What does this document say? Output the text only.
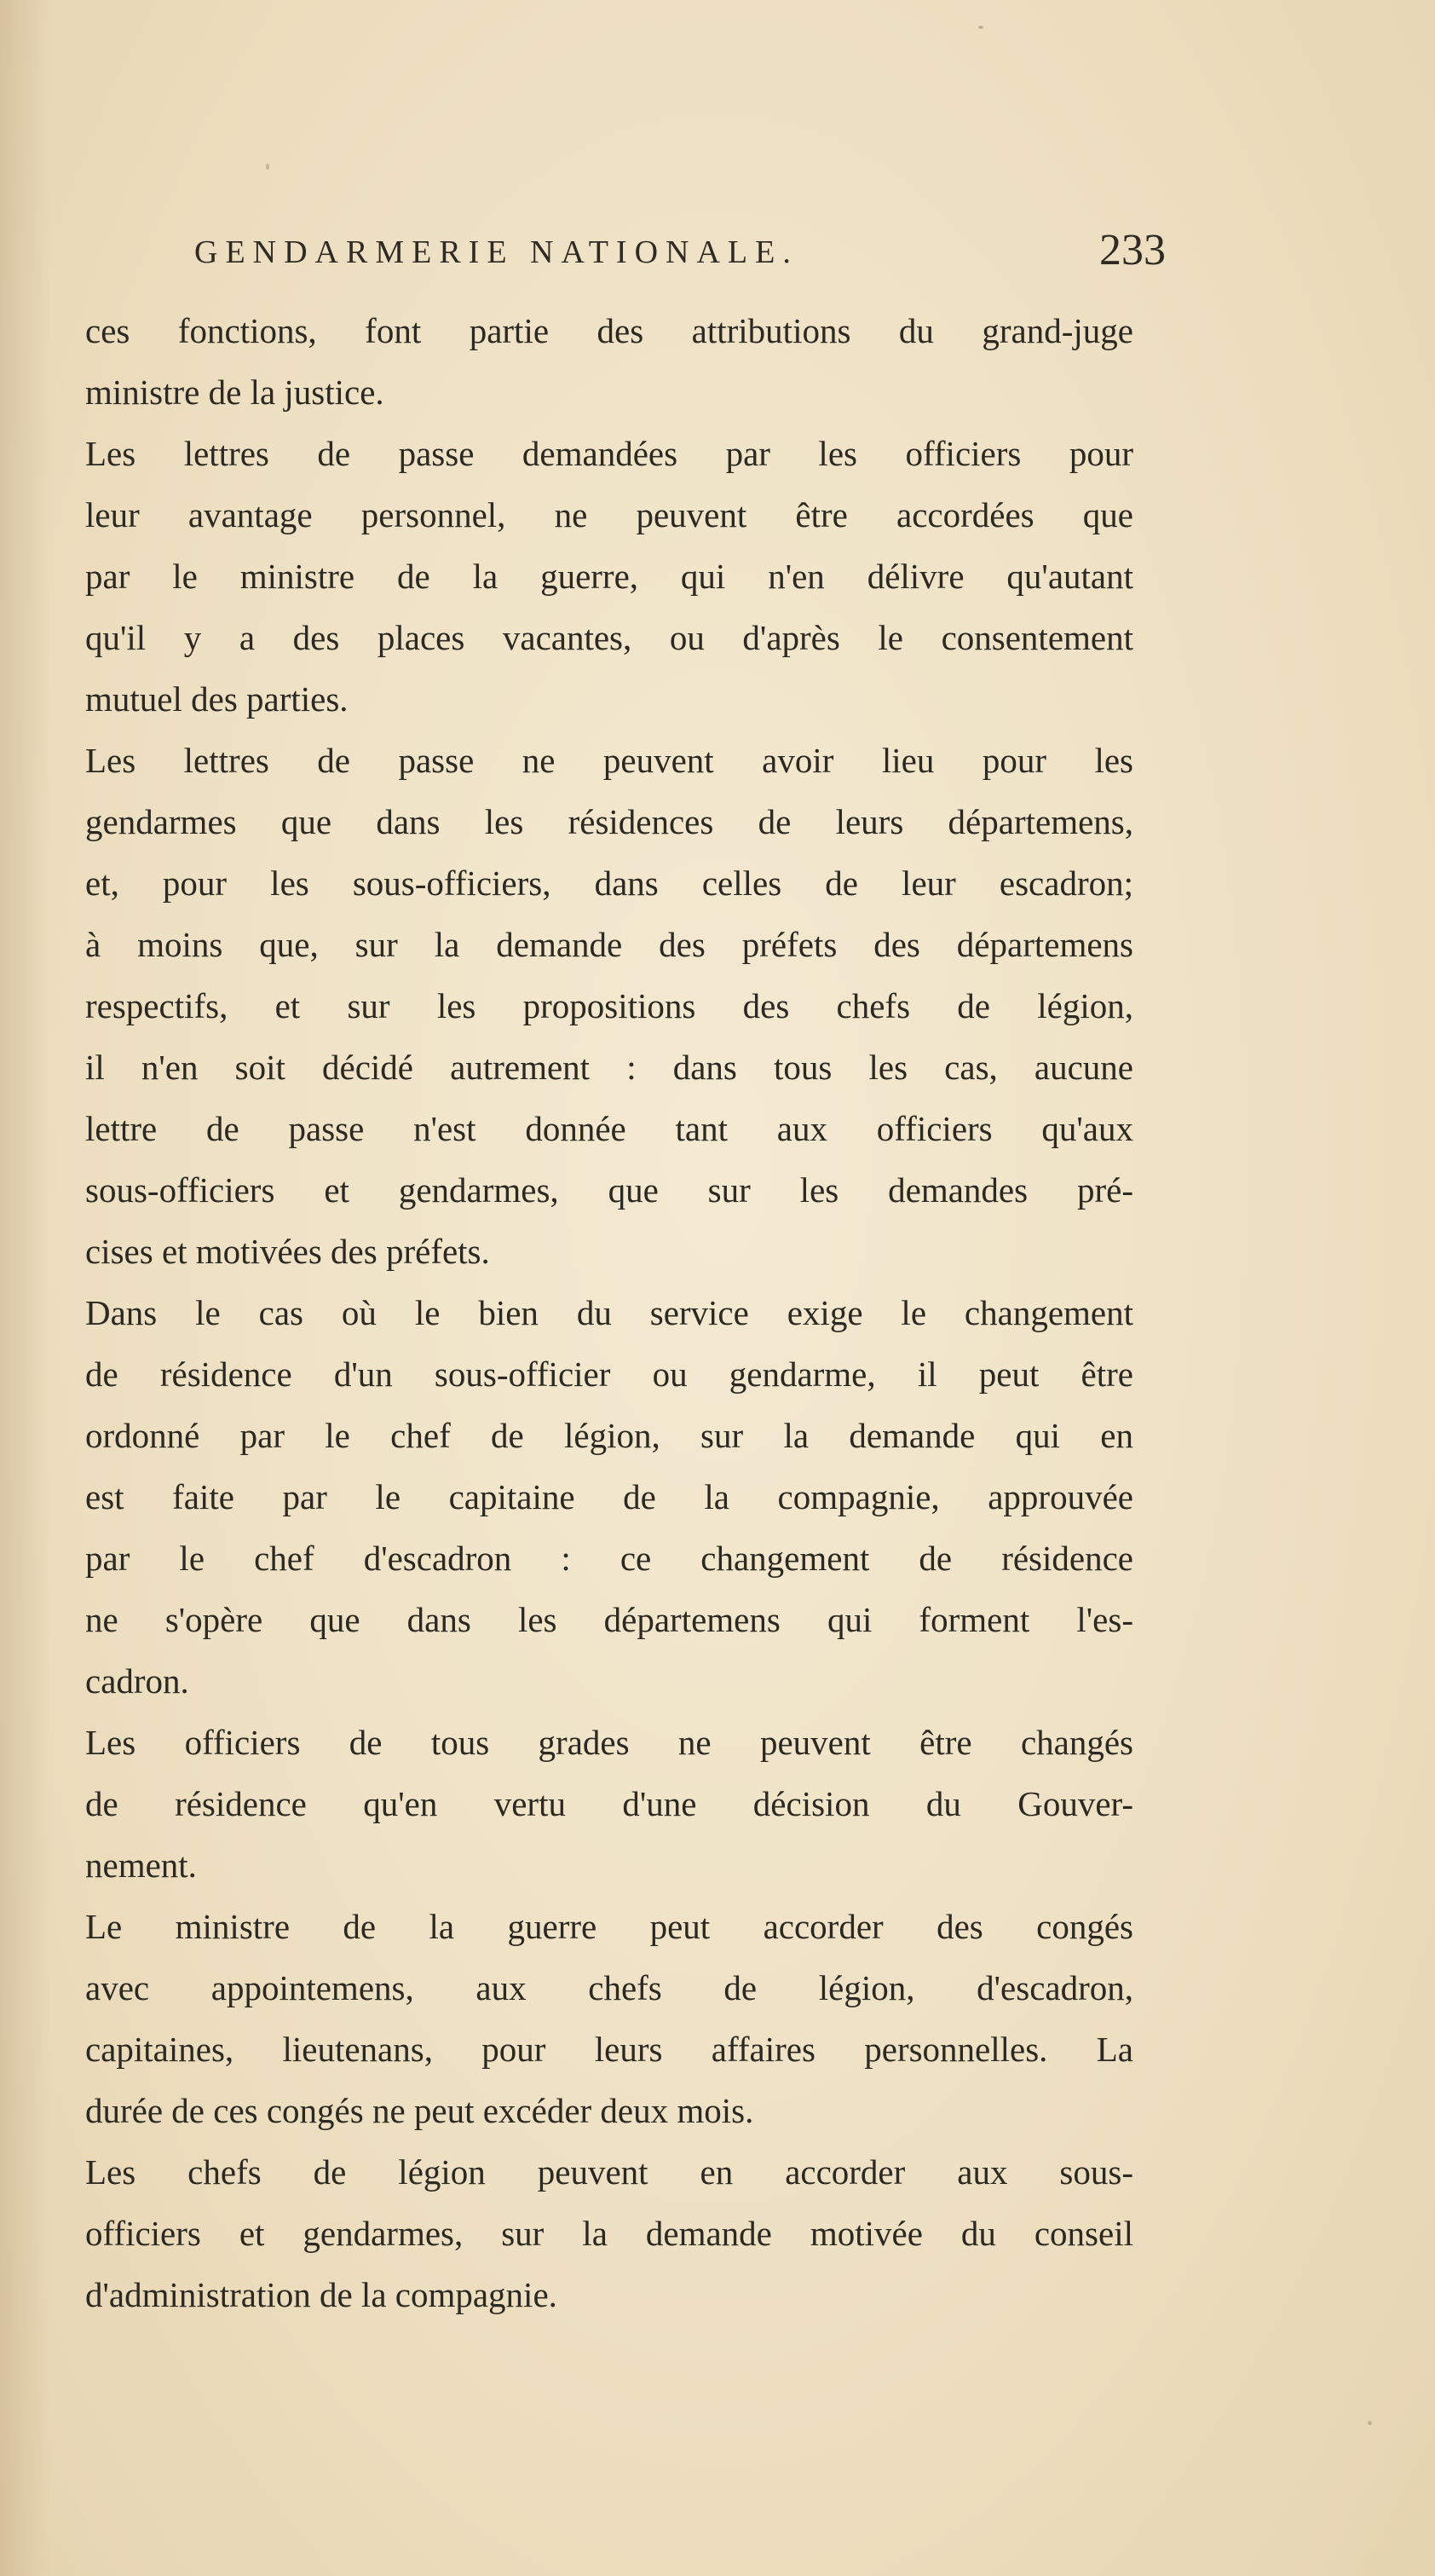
GENDARMERIE NATIONALE.	233
ces fonctions, font partie des attributions du grand-juge
ministre de la justice.
Les lettres de passe demandées par les officiers pour
leur avantage personnel, ne peuvent être accordées que
par le ministre de la guerre, qui n'en délivre qu'autant
qu'il y a des places vacantes, ou d'après le consentement
mutuel des parties.
Les lettres de passe ne peuvent avoir lieu pour les
gendarmes que dans les résidences de leurs départemens,
et, pour les sous-officiers, dans celles de leur escadron;
à moins que, sur la demande des préfets des départemens
respectifs, et sur les propositions des chefs de légion,
il n'en soit décidé autrement : dans tous les cas, aucune
lettre de passe n'est donnée tant aux officiers qu'aux
sous-officiers et gendarmes, que sur les demandes pré-
cises et motivées des préfets.
Dans le cas où le bien du service exige le changement
de résidence d'un sous-officier ou gendarme, il peut être
ordonné par le chef de légion, sur la demande qui en
est faite par le capitaine de la compagnie, approuvée
par le chef d'escadron : ce changement de résidence
ne s'opère que dans les départemens qui forment l'es-
cadron.
Les officiers de tous grades ne peuvent être changés
de résidence qu'en vertu d'une décision du Gouver-
nement.
Le ministre de la guerre peut accorder des congés
avec appointemens, aux chefs de légion, d'escadron,
capitaines, lieutenans, pour leurs affaires personnelles. La
durée de ces congés ne peut excéder deux mois.
Les chefs de légion peuvent en accorder aux sous-
officiers et gendarmes, sur la demande motivée du conseil
d'administration de la compagnie.
